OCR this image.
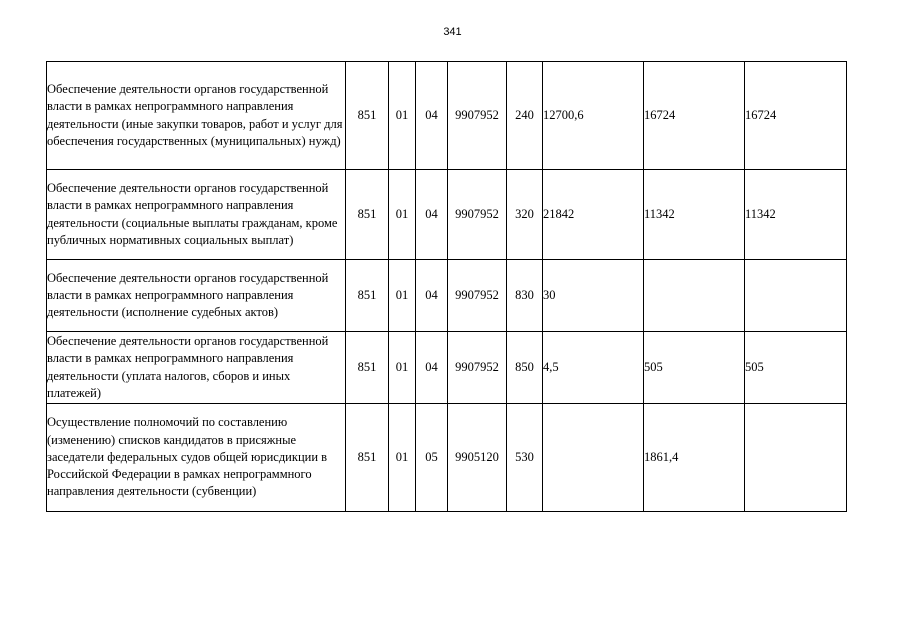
341
Обеспечение деятельности органов государственной власти в рамках непрограммного направления деятельности (иные закупки товаров, работ и услуг для обеспечения государственных (муниципальных) нужд)	851	01	04	9907952	240	12700,6	16724	16724
Обеспечение деятельности органов государственной власти в рамках непрограммного направления деятельности (социальные выплаты гражданам, кроме публичных нормативных социальных выплат)	851	01	04	9907952	320	21842	11342	11342
Обеспечение деятельности органов государственной власти в рамках непрограммного направления деятельности (исполнение судебных актов)	851	01	04	9907952	830	30		
Обеспечение деятельности органов государственной власти в рамках непрограммного направления деятельности (уплата налогов, сборов и иных платежей)	851	01	04	9907952	850	4,5	505	505
Осуществление полномочий по составлению (изменению) списков кандидатов в присяжные заседатели федеральных судов общей юрисдикции в Российской Федерации в рамках непрограммного направления деятельности (субвенции)	851	01	05	9905120	530		1861,4	
